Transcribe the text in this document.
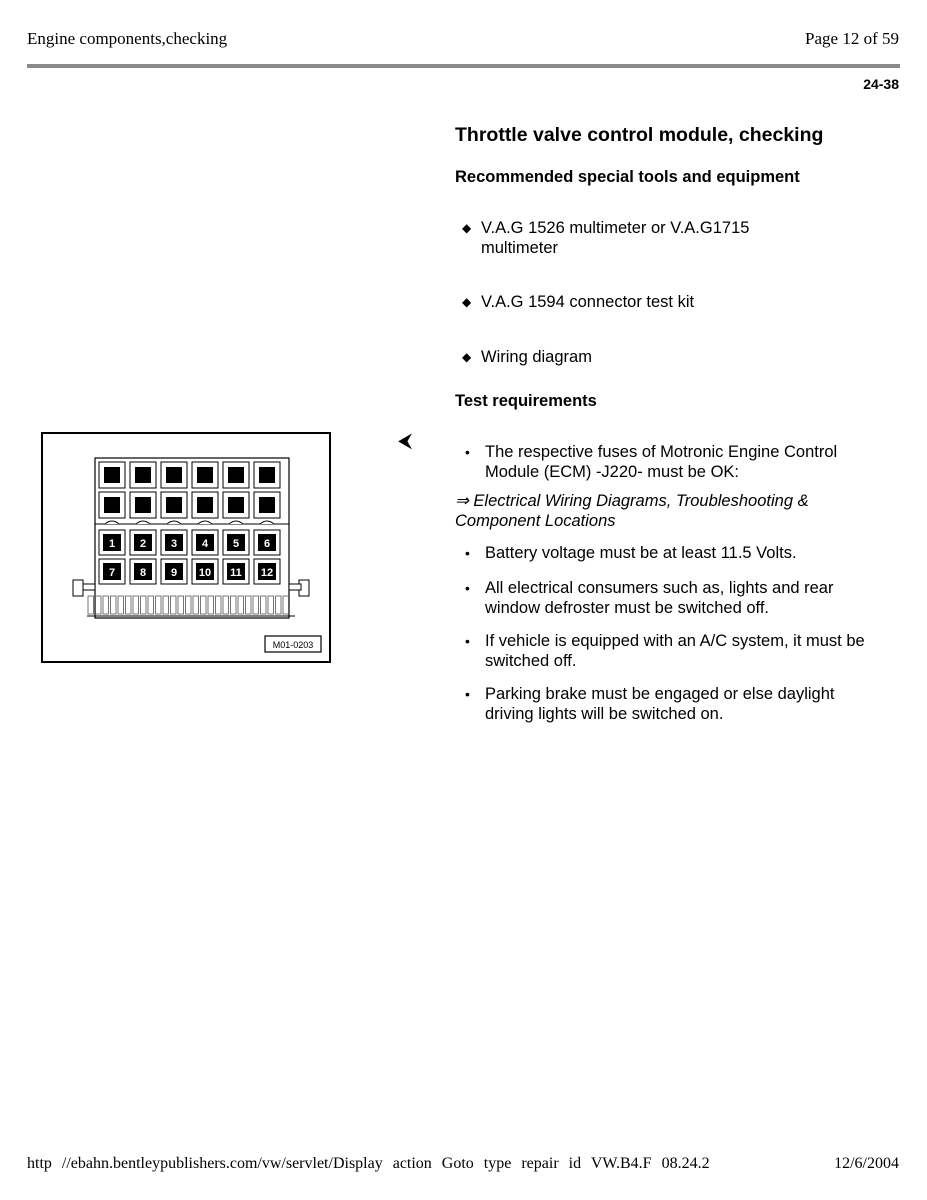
Engine components,checking	Page 12 of 59
24-38
Throttle valve control module, checking
Recommended special tools and equipment
◆ V.A.G 1526 multimeter or V.A.G1715 multimeter
◆ V.A.G 1594 connector test kit
◆ Wiring diagram
Test requirements
⮜	• The respective fuses of Motronic Engine Control Module (ECM) -J220- must be OK:
⇒ Electrical Wiring Diagrams, Troubleshooting & Component Locations
• Battery voltage must be at least 11.5 Volts.
• All electrical consumers such as, lights and rear window defroster must be switched off.
• If vehicle is equipped with an A/C system, it must be switched off.
• Parking brake must be engaged or else daylight driving lights will be switched on.
1 2 3 4 5 6
7 8 9 10 11 12
M01-0203
http //ebahn.bentleypublishers.com/vw/servlet/Display action Goto type repair id VW.B4.F 08.24.2	12/6/2004
